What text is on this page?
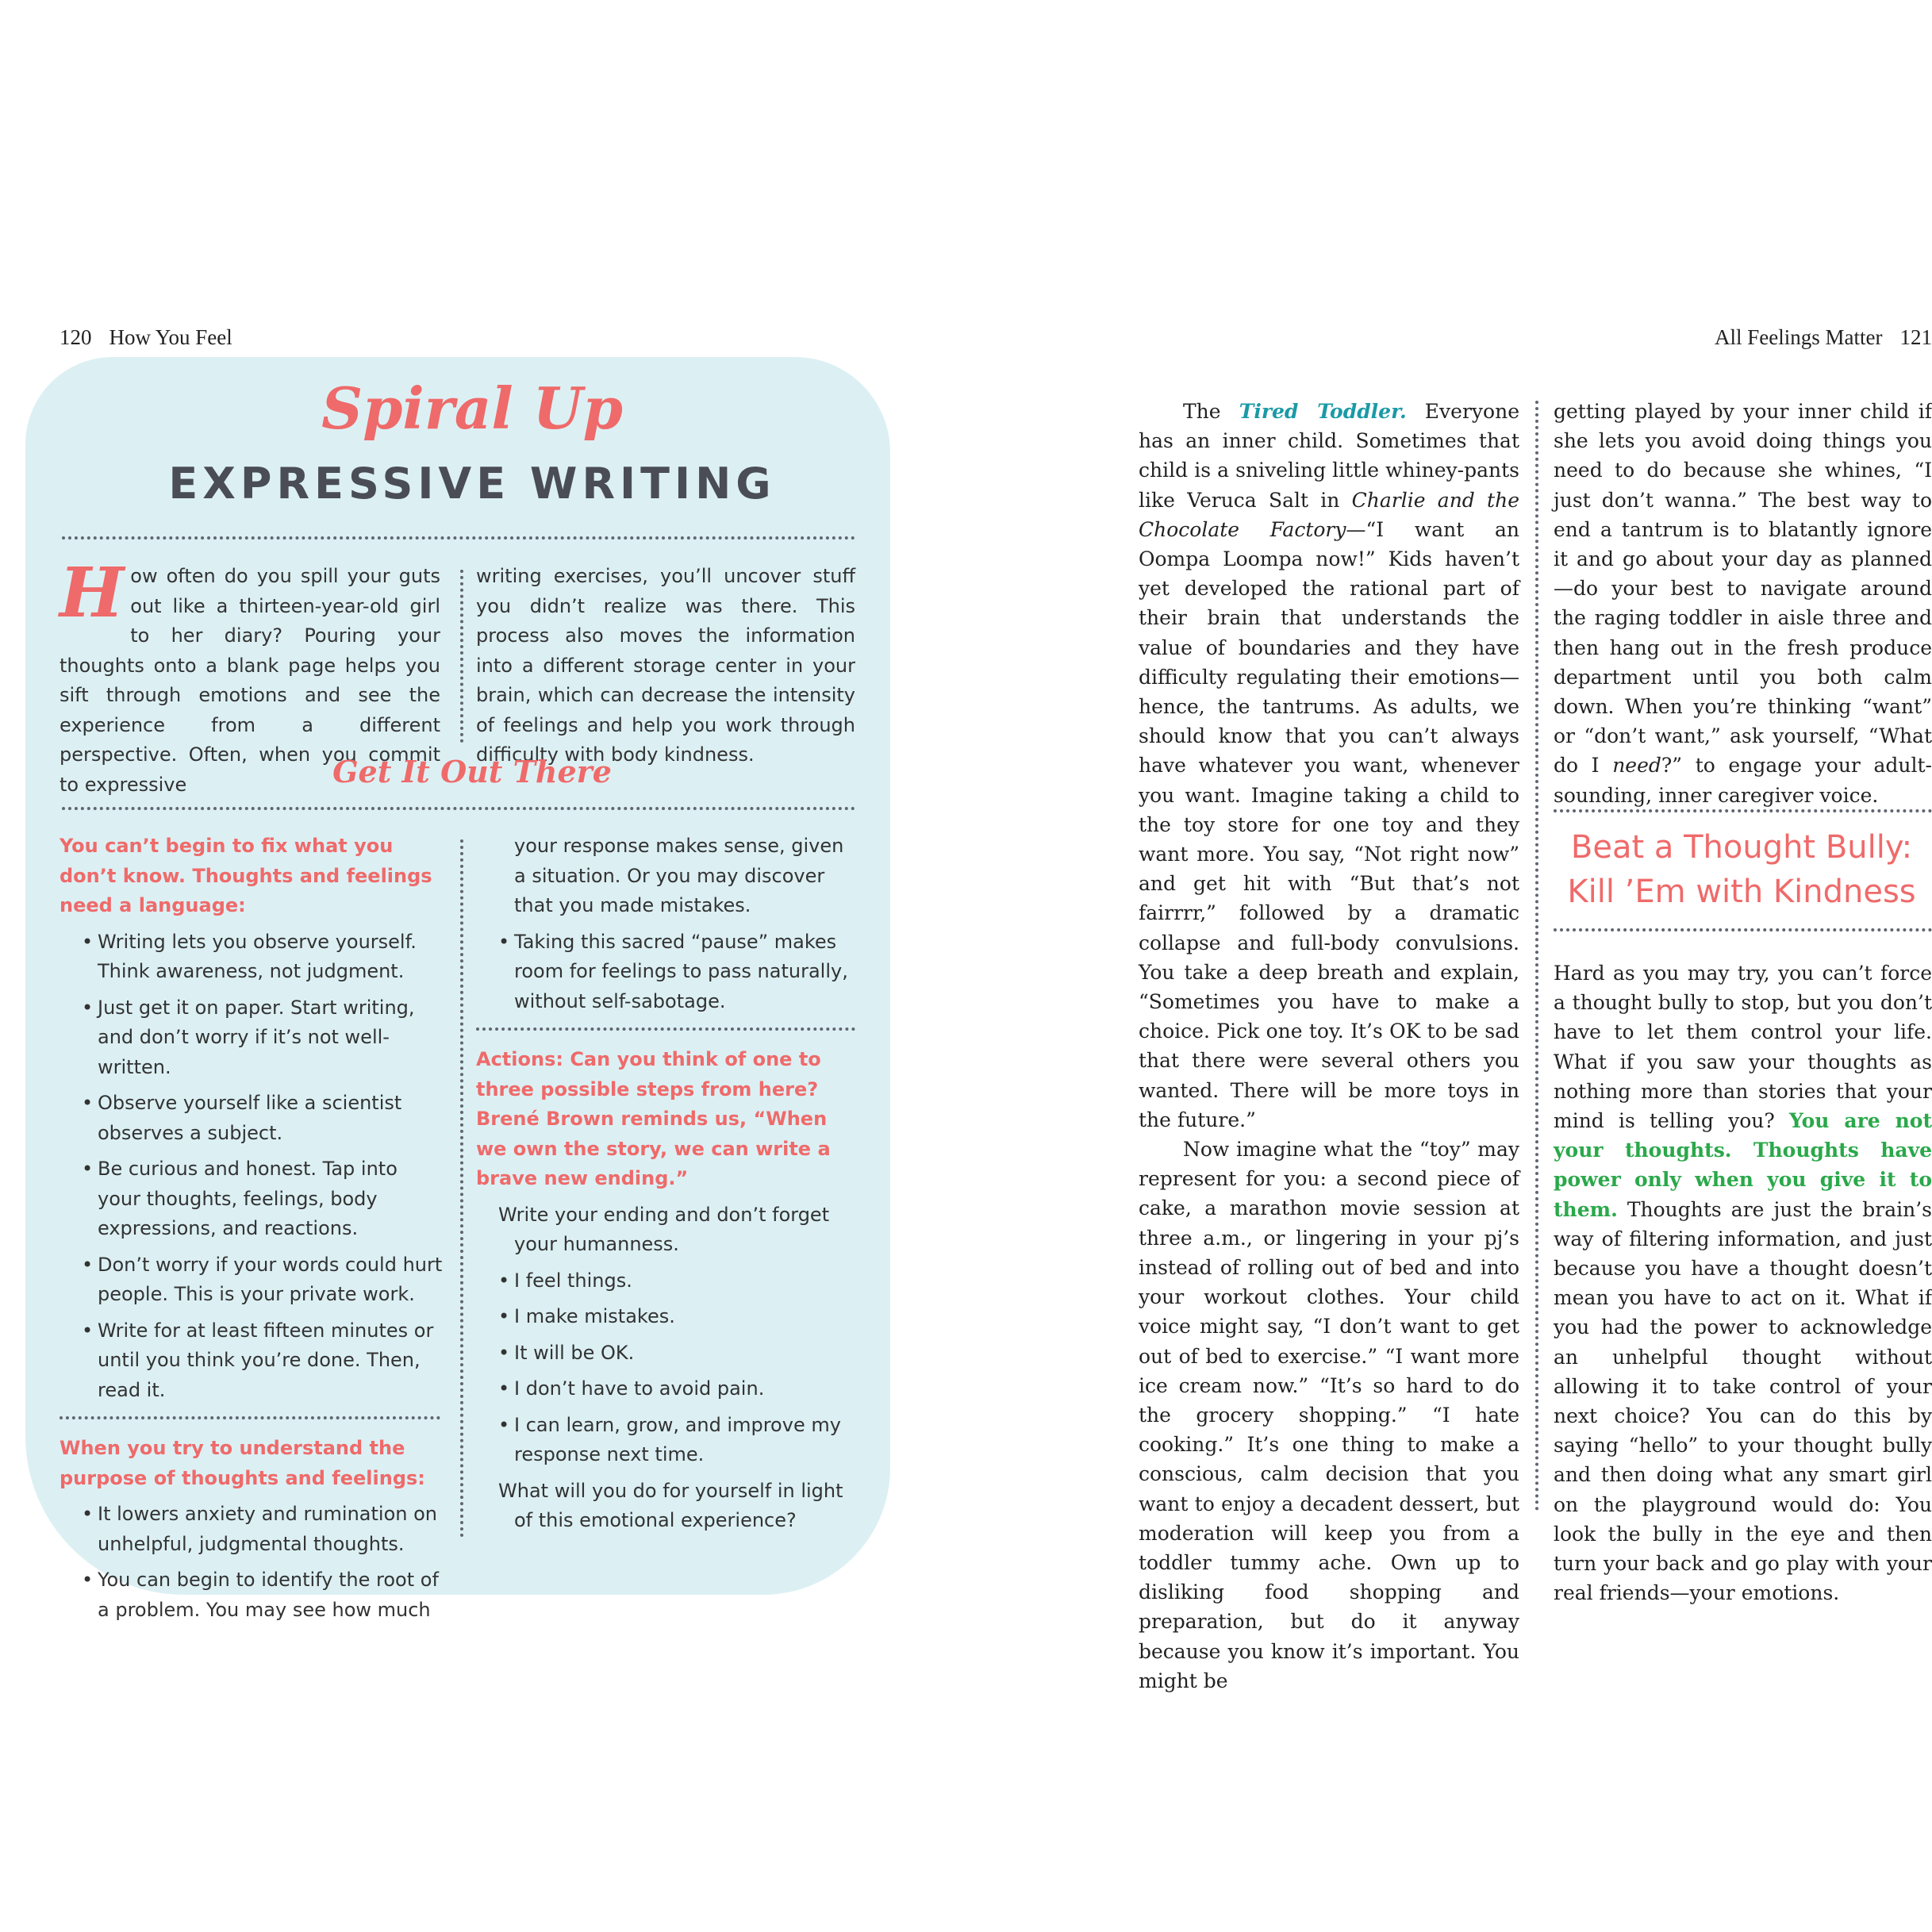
120 How You Feel	All Feelings Matter 121
Spiral Up
EXPRESSIVE WRITING
How often do you spill your guts out like a thirteen-year-old girl to her diary? Pouring your thoughts onto a blank page helps you sift through emotions and see the experience from a different perspective. Often, when you commit to expressive
writing exercises, you’ll uncover stuff you didn’t realize was there. This process also moves the information into a different storage center in your brain, which can decrease the intensity of feelings and help you work through difficulty with body kindness.
Get It Out There

You can’t begin to fix what you don’t know. Thoughts and feelings need a language:

• Writing lets you observe yourself. Think awareness, not judgment.
• Just get it on paper. Start writing, and don’t worry if it’s not well-written.
• Observe yourself like a scientist observes a subject.
• Be curious and honest. Tap into your thoughts, feelings, body expressions, and reactions.
• Don’t worry if your words could hurt people. This is your private work.
• Write for at least fifteen minutes or until you think you’re done. Then, read it.

When you try to understand the purpose of thoughts and feelings:

• It lowers anxiety and rumination on unhelpful, judgmental thoughts.
• You can begin to identify the root of a problem. You may see how much

your response makes sense, given a situation. Or you may discover that you made mistakes.

• Taking this sacred “pause” makes room for feelings to pass naturally, without self-sabotage.

Actions: Can you think of one to three possible steps from here? Brené Brown reminds us, “When we own the story, we can write a brave new ending.”

Write your ending and don’t forget your humanness.

• I feel things.
• I make mistakes.
• It will be OK.
• I don’t have to avoid pain.
• I can learn, grow, and improve my response next time.

What will you do for yourself in light of this emotional experience?

The Tired Toddler. Everyone has an inner child. Sometimes that child is a sniveling little whiney-pants like Veruca Salt in Charlie and the Chocolate Factory—“I want an Oompa Loompa now!” Kids haven’t yet developed the rational part of their brain that understands the value of boundaries and they have difficulty regulating their emotions—hence, the tantrums. As adults, we should know that you can’t always have whatever you want, whenever you want. Imagine taking a child to the toy store for one toy and they want more. You say, “Not right now” and get hit with “But that’s not fairrrr,” followed by a dramatic collapse and full-body convulsions. You take a deep breath and explain, “Sometimes you have to make a choice. Pick one toy. It’s OK to be sad that there were several others you wanted. There will be more toys in the future.”

Now imagine what the “toy” may represent for you: a second piece of cake, a marathon movie session at three a.m., or lingering in your pj’s instead of rolling out of bed and into your workout clothes. Your child voice might say, “I don’t want to get out of bed to exercise.” “I want more ice cream now.” “It’s so hard to do the grocery shopping.” “I hate cooking.” It’s one thing to make a conscious, calm decision that you want to enjoy a decadent dessert, but moderation will keep you from a toddler tummy ache. Own up to disliking food shopping and preparation, but do it anyway because you know it’s important. You might be

getting played by your inner child if she lets you avoid doing things you need to do because she whines, “I just don’t wanna.” The best way to end a tantrum is to blatantly ignore it and go about your day as planned—do your best to navigate around the raging toddler in aisle three and then hang out in the fresh produce department until you both calm down. When you’re thinking “want” or “don’t want,” ask yourself, “What do I need?” to engage your adult-sounding, inner caregiver voice.

Beat a Thought Bully:
Kill ’Em with Kindness

Hard as you may try, you can’t force a thought bully to stop, but you don’t have to let them control your life. What if you saw your thoughts as nothing more than stories that your mind is telling you? You are not your thoughts. Thoughts have power only when you give it to them. Thoughts are just the brain’s way of filtering information, and just because you have a thought doesn’t mean you have to act on it. What if you had the power to acknowledge an unhelpful thought without allowing it to take control of your next choice? You can do this by saying “hello” to your thought bully and then doing what any smart girl on the playground would do: You look the bully in the eye and then turn your back and go play with your real friends—your emotions.
